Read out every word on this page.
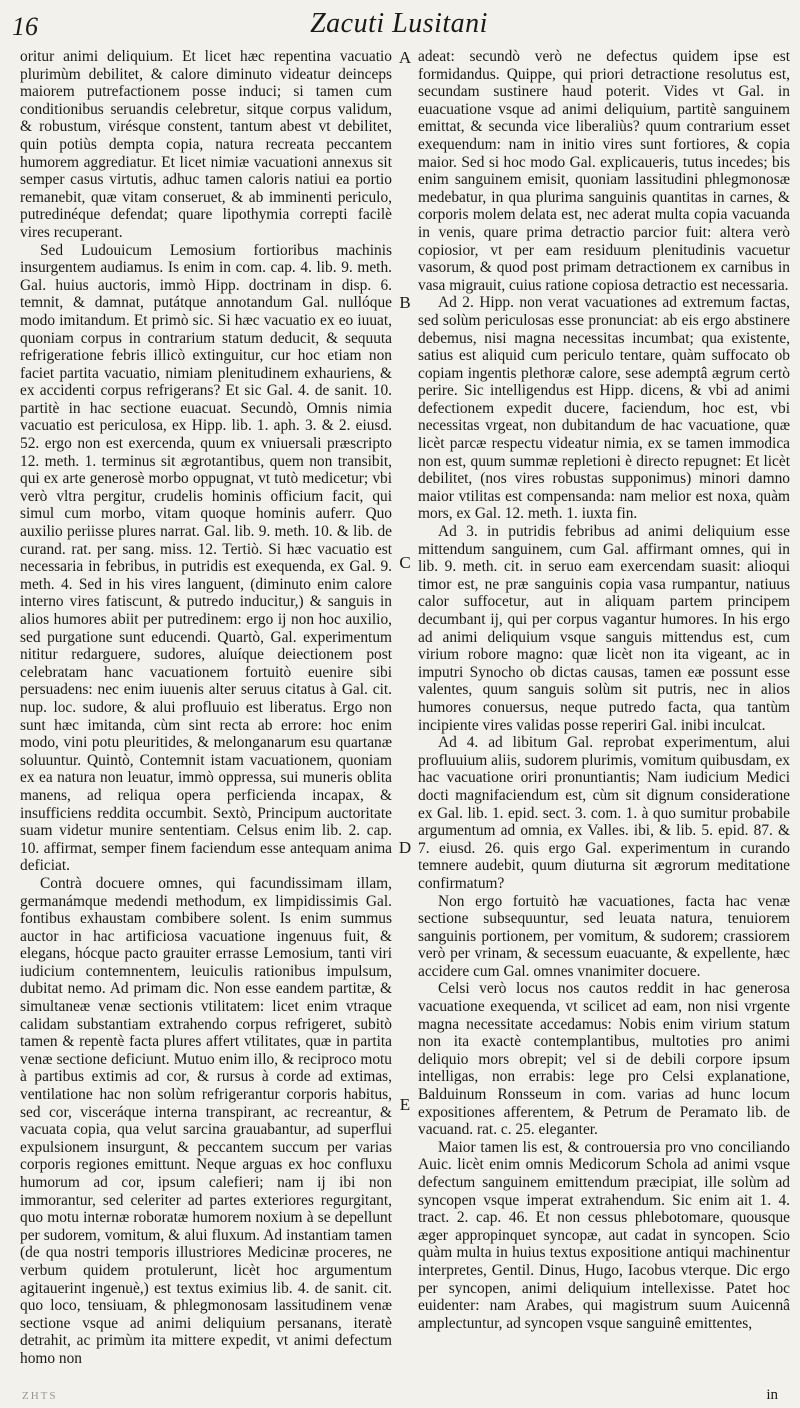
16	Zacuti Lusitani

oritur animi deliquium. Et licet hæc repentina vacuatio plurimùm debilitet, & calore diminuto videatur deinceps maiorem putrefactionem posse induci; si tamen cum conditionibus seruandis celebretur, sitque corpus validum, & robustum, virésque constent, tantum abest vt debilitet, quin potiùs dempta copia, natura recreata peccantem humorem aggrediatur. Et licet nimiæ vacuationi annexus sit semper casus virtutis, adhuc tamen caloris natiui ea portio remanebit, quæ vitam conseruet, & ab imminenti periculo, putredinéque defendat; quare lipothymia correpti facilè vires recuperant.

Sed Ludouicum Lemosium fortioribus machinis insurgentem audiamus. Is enim in com. cap. 4. lib. 9. meth. Gal. huius auctoris, immò Hipp. doctrinam in disp. 6. temnit, & damnat, putátque annotandum Gal. nullóque modo imitandum. Et primò sic. Si hæc vacuatio ex eo iuuat, quoniam corpus in contrarium statum deducit, & sequuta refrigeratione febris illicò extinguitur, cur hoc etiam non faciet partita vacuatio, nimiam plenitudinem exhauriens, & ex accidenti corpus refrigerans? Et sic Gal. 4. de sanit. 10. partitè in hac sectione euacuat. Secundò, Omnis nimia vacuatio est periculosa, ex Hipp. lib. 1. aph. 3. & 2. eiusd. 52. ergo non est exercenda, quum ex vniuersali præscripto 12. meth. 1. terminus sit ægrotantibus, quem non transibit, qui ex arte generosè morbo oppugnat, vt tutò medicetur; vbi verò vltra pergitur, crudelis hominis officium facit, qui simul cum morbo, vitam quoque hominis auferr. Quo auxilio periisse plures narrat. Gal. lib. 9. meth. 10. & lib. de curand. rat. per sang. miss. 12. Tertiò. Si hæc vacuatio est necessaria in febribus, in putridis est exequenda, ex Gal. 9. meth. 4. Sed in his vires languent, (diminuto enim calore interno vires fatiscunt, & putredo inducitur,) & sanguis in alios humores abiit per putredinem: ergo ij non hoc auxilio, sed purgatione sunt educendi. Quartò, Gal. experimentum nititur redarguere, sudores, aluíque deiectionem post celebratam hanc vacuationem fortuitò euenire sibi persuadens: nec enim iuuenis alter seruus citatus à Gal. cit. nup. loc. sudore, & alui profluuio est liberatus. Ergo non sunt hæc imitanda, cùm sint recta ab errore: hoc enim modo, vini potu pleuritides, & melonganarum esu quartanæ soluuntur. Quintò, Contemnit istam vacuationem, quoniam ex ea natura non leuatur, immò oppressa, sui muneris oblita manens, ad reliqua opera perficienda incapax, & insufficiens reddita occumbit. Sextò, Principum auctoritate suam videtur munire sententiam. Celsus enim lib. 2. cap. 10. affirmat, semper finem faciendum esse antequam anima deficiat.

Contrà docuere omnes, qui facundissimam illam, germanámque medendi methodum, ex limpidissimis Gal. fontibus exhaustam combibere solent. Is enim summus auctor in hac artificiosa vacuatione ingenuus fuit, & elegans, hócque pacto grauiter errasse Lemosium, tanti viri iudicium contemnentem, leuiculis rationibus impulsum, dubitat nemo. Ad primam dic. Non esse eandem partitæ, & simultaneæ venæ sectionis vtilitatem: licet enim vtraque calidam substantiam extrahendo corpus refrigeret, subitò tamen & repentè facta plures affert vtilitates, quæ in partita venæ sectione deficiunt. Mutuo enim illo, & reciproco motu à partibus extimis ad cor, & rursus à corde ad extimas, ventilatione hac non solùm refrigerantur corporis habitus, sed cor, visceráque interna transpirant, ac recreantur, & vacuata copia, qua velut sarcina grauabantur, ad superflui expulsionem insurgunt, & peccantem succum per varias corporis regiones emittunt. Neque arguas ex hoc confluxu humorum ad cor, ipsum calefieri; nam ij ibi non immorantur, sed celeriter ad partes exteriores regurgitant, quo motu internæ roboratæ humorem noxium à se depellunt per sudorem, vomitum, & alui fluxum. Ad instantiam tamen (de qua nostri temporis illustriores Medicinæ proceres, ne verbum quidem protulerunt, licèt hoc argumentum agitauerint ingenuè,) est textus eximius lib. 4. de sanit. cit. quo loco, tensiuam, & phlegmonosam lassitudinem venæ sectione vsque ad animi deliquium persanans, iteratè detrahit, ac primùm ita mittere expedit, vt animi defectum homo non

A
B
C
D
E

adeat: secundò verò ne defectus quidem ipse est formidandus. Quippe, qui priori detractione resolutus est, secundam sustinere haud poterit. Vides vt Gal. in euacuatione vsque ad animi deliquium, partitè sanguinem emittat, & secunda vice liberaliùs? quum contrarium esset exequendum: nam in initio vires sunt fortiores, & copia maior. Sed si hoc modo Gal. explicaueris, tutus incedes; bis enim sanguinem emisit, quoniam lassitudini phlegmonosæ medebatur, in qua plurima sanguinis quantitas in carnes, & corporis molem delata est, nec aderat multa copia vacuanda in venis, quare prima detractio parcior fuit: altera verò copiosior, vt per eam residuum plenitudinis vacuetur vasorum, & quod post primam detractionem ex carnibus in vasa migrauit, cuius ratione copiosa detractio est necessaria.

Ad 2. Hipp. non verat vacuationes ad extremum factas, sed solùm periculosas esse pronunciat: ab eis ergo abstinere debemus, nisi magna necessitas incumbat; qua existente, satius est aliquid cum periculo tentare, quàm suffocato ob copiam ingentis plethoræ calore, sese ademptâ ægrum certò perire. Sic intelligendus est Hipp. dicens, & vbi ad animi defectionem expedit ducere, faciendum, hoc est, vbi necessitas vrgeat, non dubitandum de hac vacuatione, quæ licèt parcæ respectu videatur nimia, ex se tamen immodica non est, quum summæ repletioni è directo repugnet: Et licèt debilitet, (nos vires robustas supponimus) minori damno maior vtilitas est compensanda: nam melior est noxa, quàm mors, ex Gal. 12. meth. 1. iuxta fin.

Ad 3. in putridis febribus ad animi deliquium esse mittendum sanguinem, cum Gal. affirmant omnes, qui in lib. 9. meth. cit. in seruo eam exercendam suasit: alioqui timor est, ne præ sanguinis copia vasa rumpantur, natiuus calor suffocetur, aut in aliquam partem principem decumbant ij, qui per corpus vagantur humores. In his ergo ad animi deliquium vsque sanguis mittendus est, cum virium robore magno: quæ licèt non ita vigeant, ac in imputri Synocho ob dictas causas, tamen eæ possunt esse valentes, quum sanguis solùm sit putris, nec in alios humores conuersus, neque putredo facta, qua tantùm incipiente vires validas posse reperiri Gal. inibi inculcat.

Ad 4. ad libitum Gal. reprobat experimentum, alui profluuium aliis, sudorem plurimis, vomitum quibusdam, ex hac vacuatione oriri pronuntiantis; Nam iudicium Medici docti magnifaciendum est, cùm sit dignum consideratione ex Gal. lib. 1. epid. sect. 3. com. 1. à quo sumitur probabile argumentum ad omnia, ex Valles. ibi, & lib. 5. epid. 87. & 7. eiusd. 26. quis ergo Gal. experimentum in curando temnere audebit, quum diuturna sit ægrorum meditatione confirmatum?

Non ergo fortuitò hæ vacuationes, facta hac venæ sectione subsequuntur, sed leuata natura, tenuiorem sanguinis portionem, per vomitum, & sudorem; crassiorem verò per vrinam, & secessum euacuante, & expellente, hæc accidere cum Gal. omnes vnanimiter docuere.

Celsi verò locus nos cautos reddit in hac generosa vacuatione exequenda, vt scilicet ad eam, non nisi vrgente magna necessitate accedamus: Nobis enim virium statum non ita exactè contemplantibus, multoties pro animi deliquio mors obrepit; vel si de debili corpore ipsum intelligas, non errabis: lege pro Celsi explanatione, Balduinum Ronsseum in com. varias ad hunc locum expositiones afferentem, & Petrum de Peramato lib. de vacuand. rat. c. 25. eleganter.

Maior tamen lis est, & controuersia pro vno conciliando Auic. licèt enim omnis Medicorum Schola ad animi vsque defectum sanguinem emittendum præcipiat, ille solùm ad syncopen vsque imperat extrahendum. Sic enim ait 1. 4. tract. 2. cap. 46. Et non cessus phlebotomare, quousque æger appropinquet syncopæ, aut cadat in syncopen. Scio quàm multa in huius textus expositione antiqui machinentur interpretes, Gentil. Dinus, Hugo, Iacobus vterque. Dic ergo per syncopen, animi deliquium intellexisse. Patet hoc euidenter: nam Arabes, qui magistrum suum Auicennâ amplectuntur, ad syncopen vsque sanguinê emittentes,

ZHTS	in
